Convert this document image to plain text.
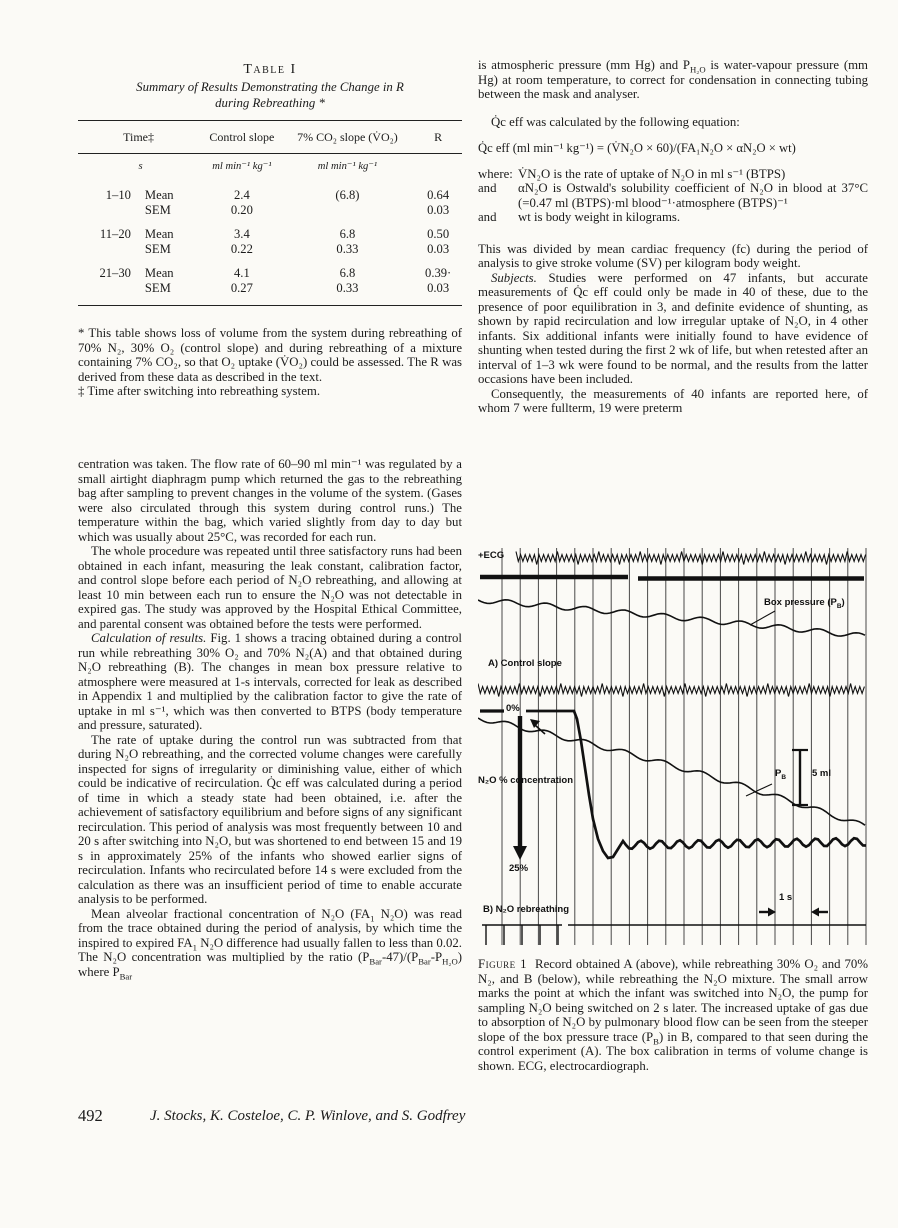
Table I
Summary of Results Demonstrating the Change in R
during Rebreathing *
Time‡		Control slope	7% CO₂ slope (V̇O₂)	R
s		ml min⁻¹ kg⁻¹	ml min⁻¹ kg⁻¹	
1–10	Mean	2.4	(6.8)	0.64
	SEM	0.20		0.03
11–20	Mean	3.4	6.8	0.50
	SEM	0.22	0.33	0.03
21–30	Mean	4.1	6.8	0.39·
	SEM	0.27	0.33	0.03

* This table shows loss of volume from the system during rebreathing of 70% N₂, 30% O₂ (control slope) and during rebreathing of a mixture containing 7% CO₂, so that O₂ uptake (V̇O₂) could be assessed. The R was derived from these data as described in the text.

‡ Time after switching into rebreathing system.

centration was taken. The flow rate of 60–90 ml min⁻¹ was regulated by a small airtight diaphragm pump which returned the gas to the rebreathing bag after sampling to prevent changes in the volume of the system. (Gases were also circulated through this system during control runs.) The temperature within the bag, which varied slightly from day to day but which was usually about 25°C, was recorded for each run.

The whole procedure was repeated until three satisfactory runs had been obtained in each infant, measuring the leak constant, calibration factor, and control slope before each period of N₂O rebreathing, and allowing at least 10 min between each run to ensure the N₂O was not detectable in expired gas. The study was approved by the Hospital Ethical Committee, and parental consent was obtained before the tests were performed.

Calculation of results. Fig. 1 shows a tracing obtained during a control run while rebreathing 30% O₂ and 70% N₂(A) and that obtained during N₂O rebreathing (B). The changes in mean box pressure relative to atmosphere were measured at 1-s intervals, corrected for leak as described in Appendix 1 and multiplied by the calibration factor to give the rate of uptake in ml s⁻¹, which was then converted to BTPS (body temperature and pressure, saturated).

The rate of uptake during the control run was subtracted from that during N₂O rebreathing, and the corrected volume changes were carefully inspected for signs of irregularity or diminishing value, either of which could be indicative of recirculation. Q̇c eff was calculated during a period of time in which a steady state had been obtained, i.e. after the achievement of satisfactory equilibrium and before signs of any significant recirculation. This period of analysis was most frequently between 10 and 20 s after switching into N₂O, but was shortened to end between 15 and 19 s in approximately 25% of the infants who showed earlier signs of recirculation. Infants who recirculated before 14 s were excluded from the calculation as there was an insufficient period of time to enable accurate analysis to be performed.

Mean alveolar fractional concentration of N₂O ($FA_1$ N₂O) was read from the trace obtained during the period of analysis, by which time the inspired to expired $FA_1$ N₂O difference had usually fallen to less than 0.02. The N₂O concentration was multiplied by the ratio $(P_{Bar}-47)/(P_{Bar}-P_{H_2O})$ where $P_{Bar}$

is atmospheric pressure (mm Hg) and $P_{H_2O}$ is water-vapour pressure (mm Hg) at room temperature, to correct for condensation in connecting tubing between the mask and analyser.

Q̇c eff was calculated by the following equation:

Q̇c eff (ml min⁻¹ kg⁻¹) = (V̇N₂O × 60)/(FA₁N₂O × αN₂O × wt)

where: V̇N₂O is the rate of uptake of N₂O in ml s⁻¹ (BTPS)
and	αN₂O is Ostwald's solubility coefficient of N₂O in blood at 37°C (=0.47 ml (BTPS)·ml blood⁻¹·atmosphere (BTPS)⁻¹
and	wt is body weight in kilograms.

This was divided by mean cardiac frequency (fc) during the period of analysis to give stroke volume (SV) per kilogram body weight.

Subjects. Studies were performed on 47 infants, but accurate measurements of Q̇c eff could only be made in 40 of these, due to the presence of poor equilibration in 3, and definite evidence of shunting, as shown by rapid recirculation and low irregular uptake of N₂O, in 4 other infants. Six additional infants were initially found to have evidence of shunting when tested during the first 2 wk of life, but when retested after an interval of 1–3 wk were found to be normal, and the results from the latter occasions have been included.

Consequently, the measurements of 40 infants are reported here, of whom 7 were fullterm, 19 were preterm

+ECG
Box pressure $(P_B)$
A) Control slope
0%
N₂O % concentration
25%
$P_B$	5 ml
B) N₂O rebreathing
1 s

Figure 1 Record obtained A (above), while rebreathing 30% O₂ and 70% N₂, and B (below), while rebreathing the N₂O mixture. The small arrow marks the point at which the infant was switched into N₂O, the pump for sampling N₂O being switched on 2 s later. The increased uptake of gas due to absorption of N₂O by pulmonary blood flow can be seen from the steeper slope of the box pressure trace $(P_B)$ in B, compared to that seen during the control experiment (A). The box calibration in terms of volume change is shown. ECG, electrocardiograph.

492	J. Stocks, K. Costeloe, C. P. Winlove, and S. Godfrey
